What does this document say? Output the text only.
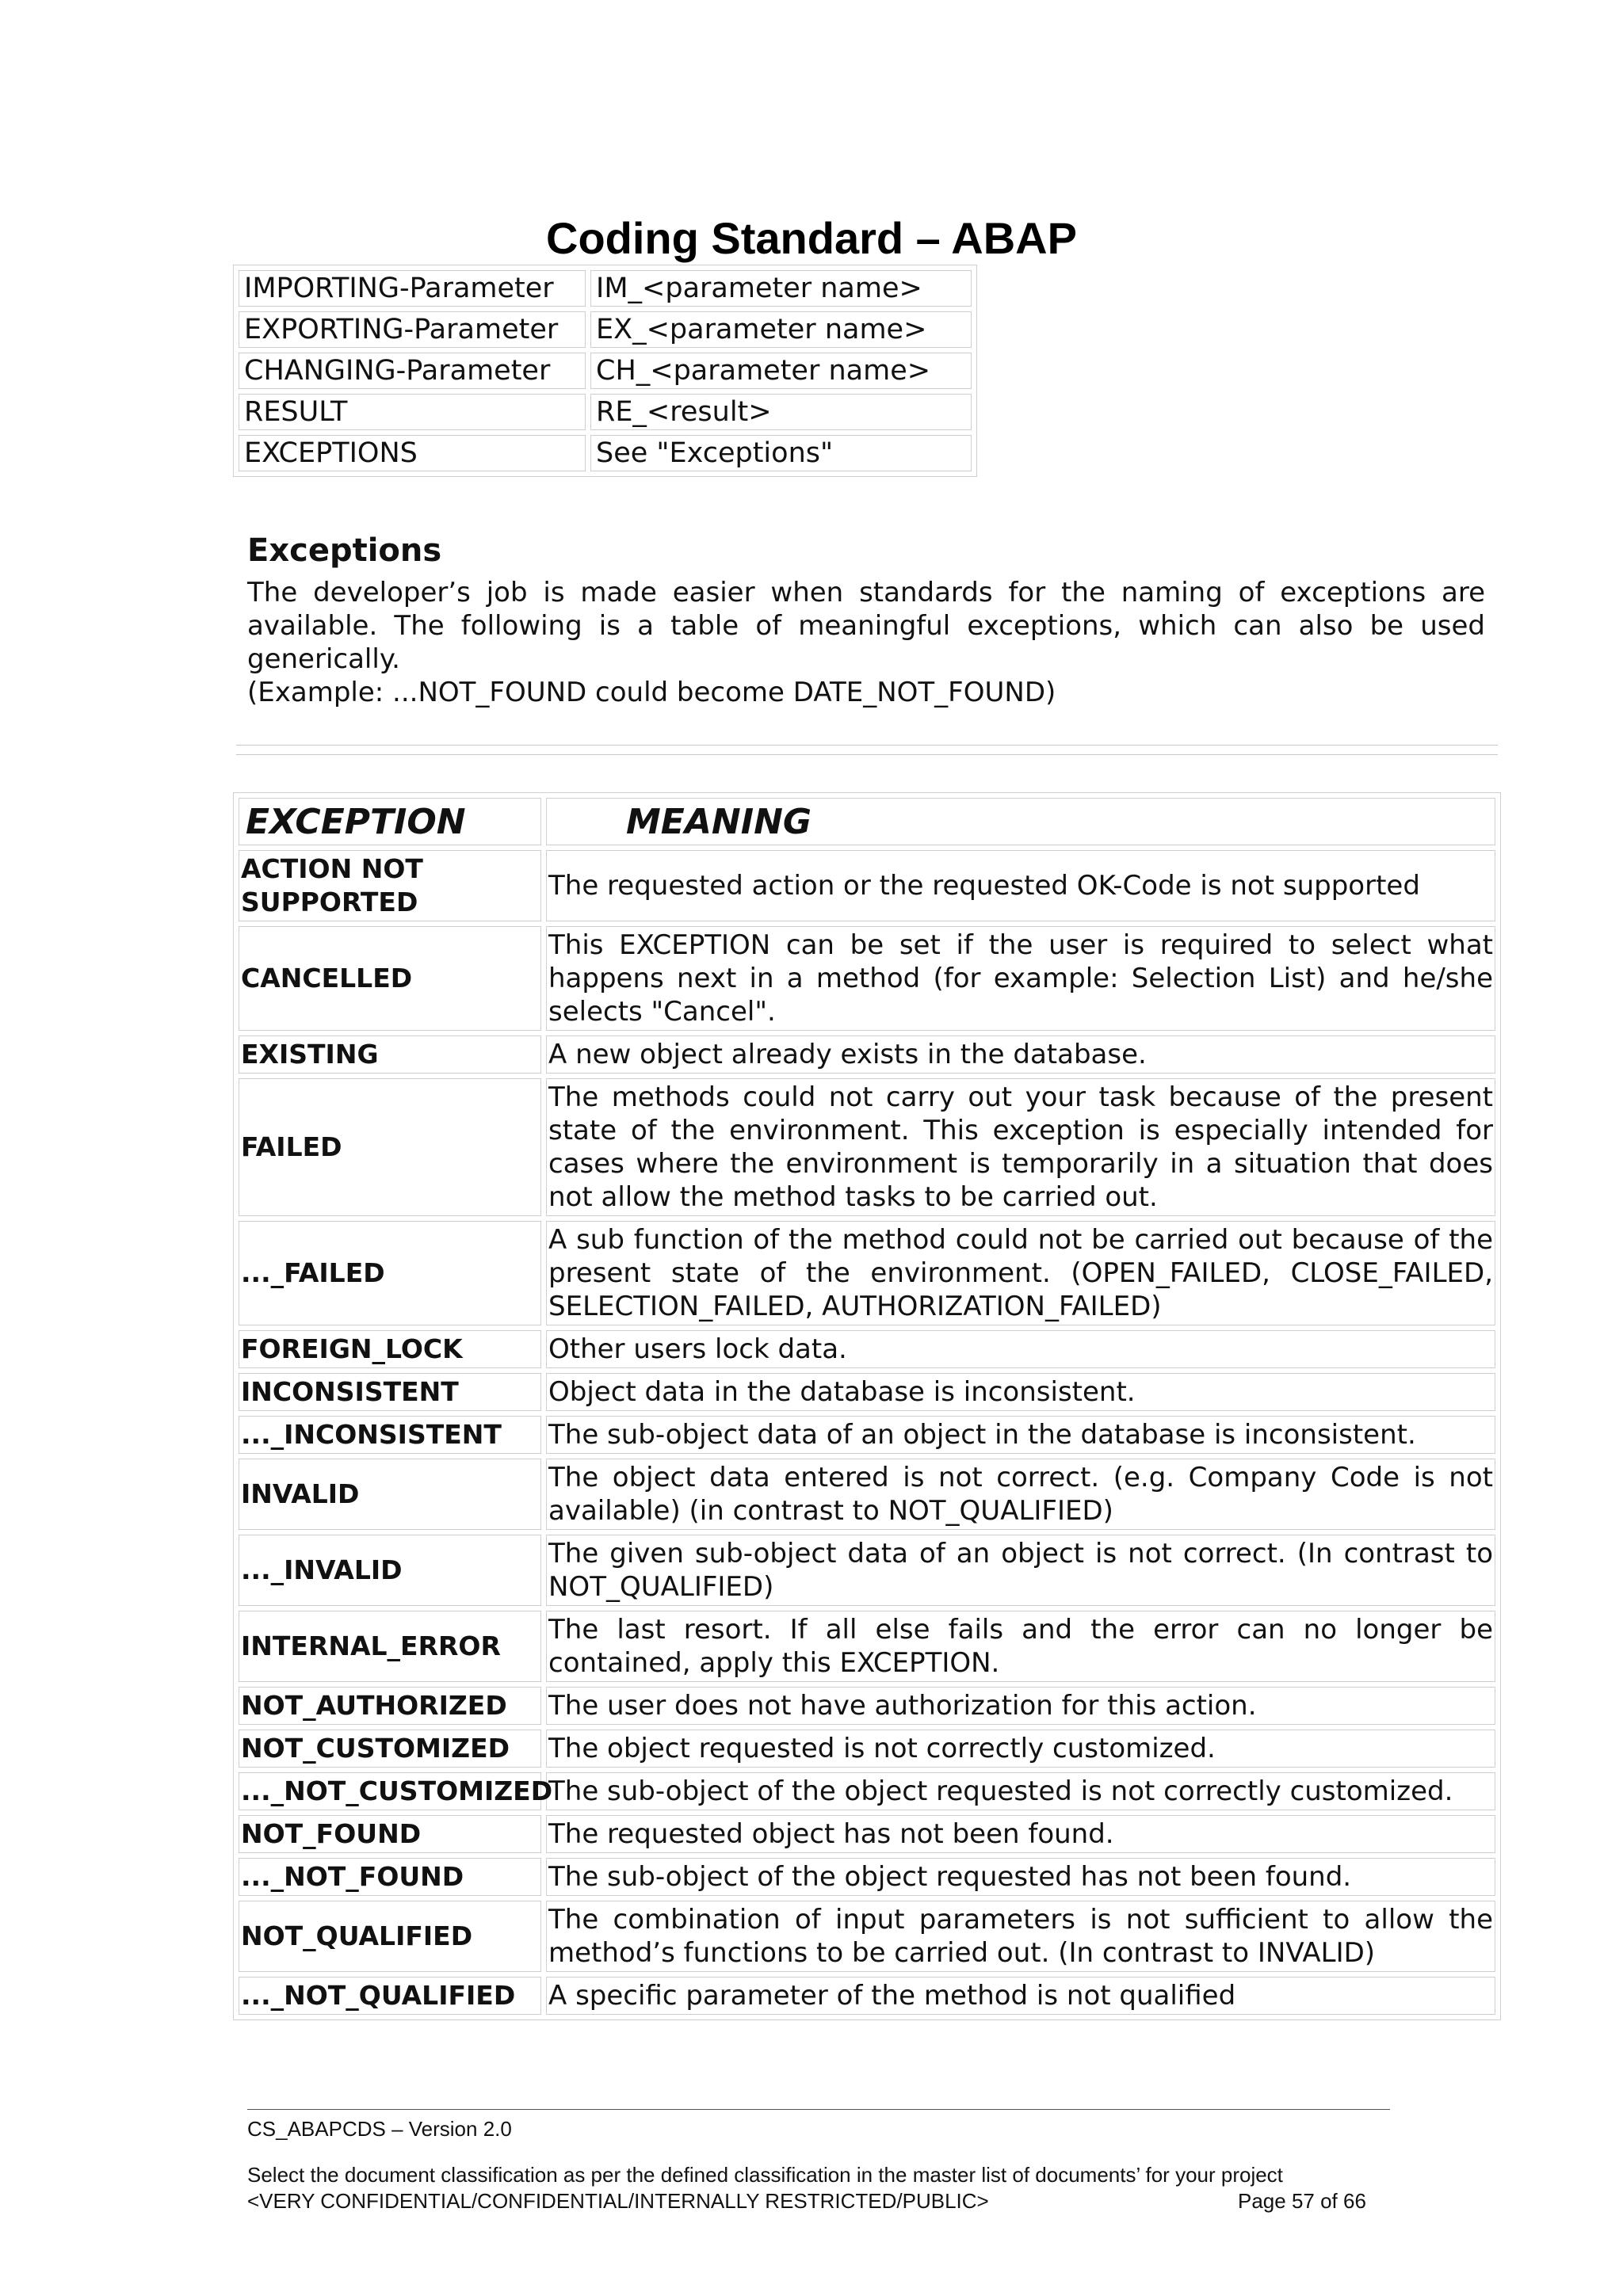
Coding Standard – ABAP
IMPORTING-Parameter	IM_<parameter name>
EXPORTING-Parameter	EX_<parameter name>
CHANGING-Parameter	CH_<parameter name>
RESULT	RE_<result>
EXCEPTIONS	See "Exceptions"
Exceptions

The developer’s job is made easier when standards for the naming of exceptions are available. The following is a table of meaningful exceptions, which can also be used generically.

(Example: ...NOT_FOUND could become DATE_NOT_FOUND)

EXCEPTION	MEANING
ACTION NOT SUPPORTED	The requested action or the requested OK-Code is not supported
CANCELLED	This EXCEPTION can be set if the user is required to select what happens next in a method (for example: Selection List) and he/she selects "Cancel".
EXISTING	A new object already exists in the database.
FAILED	The methods could not carry out your task because of the present state of the environment. This exception is especially intended for cases where the environment is temporarily in a situation that does not allow the method tasks to be carried out.
..._FAILED	A sub function of the method could not be carried out because of the present state of the environment. (OPEN_FAILED, CLOSE_FAILED, SELECTION_FAILED, AUTHORIZATION_FAILED)
FOREIGN_LOCK	Other users lock data.
INCONSISTENT	Object data in the database is inconsistent.
..._INCONSISTENT	The sub-object data of an object in the database is inconsistent.
INVALID	The object data entered is not correct. (e.g. Company Code is not available) (in contrast to NOT_QUALIFIED)
..._INVALID	The given sub-object data of an object is not correct. (In contrast to NOT_QUALIFIED)
INTERNAL_ERROR	The last resort. If all else fails and the error can no longer be contained, apply this EXCEPTION.
NOT_AUTHORIZED	The user does not have authorization for this action.
NOT_CUSTOMIZED	The object requested is not correctly customized.
..._NOT_CUSTOMIZED	The sub-object of the object requested is not correctly customized.
NOT_FOUND	The requested object has not been found.
..._NOT_FOUND	The sub-object of the object requested has not been found.
NOT_QUALIFIED	The combination of input parameters is not sufficient to allow the method’s functions to be carried out. (In contrast to INVALID)
..._NOT_QUALIFIED	A specific parameter of the method is not qualified
CS_ABAPCDS – Version 2.0
Select the document classification as per the defined classification in the master list of documents’ for your project
<VERY CONFIDENTIAL/CONFIDENTIAL/INTERNALLY RESTRICTED/PUBLIC>	Page 57 of 66
